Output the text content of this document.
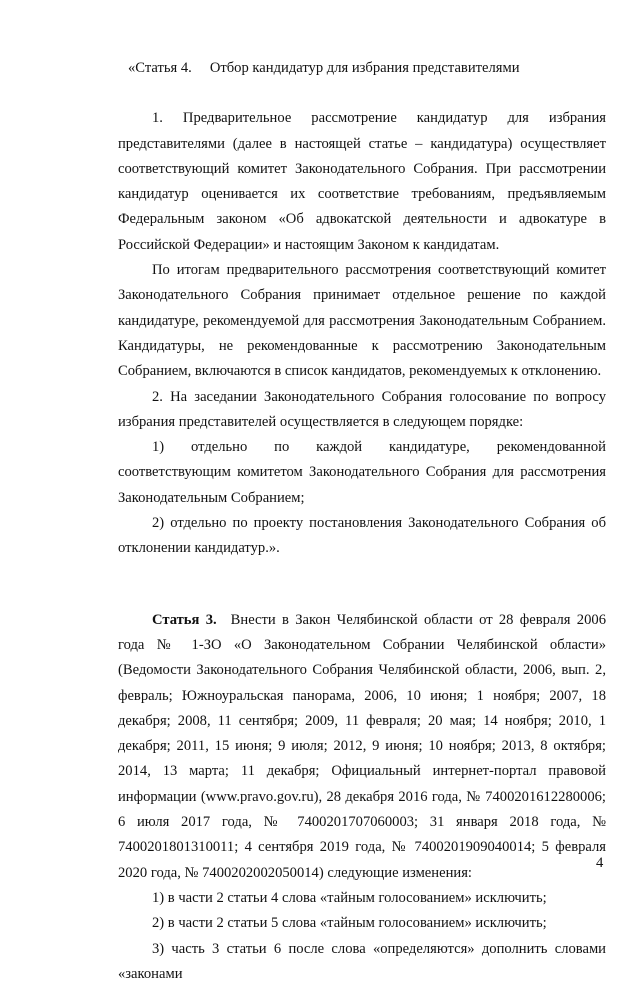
«Статья 4. Отбор кандидатур для избрания представителями

1. Предварительное рассмотрение кандидатур для избрания представителями (далее в настоящей статье – кандидатура) осуществляет соответствующий комитет Законодательного Собрания. При рассмотрении кандидатур оценивается их соответствие требованиям, предъявляемым Федеральным законом «Об адвокатской деятельности и адвокатуре в Российской Федерации» и настоящим Законом к кандидатам.

По итогам предварительного рассмотрения соответствующий комитет Законодательного Собрания принимает отдельное решение по каждой кандидатуре, рекомендуемой для рассмотрения Законодательным Собранием. Кандидатуры, не рекомендованные к рассмотрению Законодательным Собранием, включаются в список кандидатов, рекомендуемых к отклонению.

2. На заседании Законодательного Собрания голосование по вопросу избрания представителей осуществляется в следующем порядке:

1) отдельно по каждой кандидатуре, рекомендованной соответствующим комитетом Законодательного Собрания для рассмотрения Законодательным Собранием;

2) отдельно по проекту постановления Законодательного Собрания об отклонении кандидатур.».

Статья 3. Внести в Закон Челябинской области от 28 февраля 2006 года № 1-ЗО «О Законодательном Собрании Челябинской области» (Ведомости Законодательного Собрания Челябинской области, 2006, вып. 2, февраль; Южноуральская панорама, 2006, 10 июня; 1 ноября; 2007, 18 декабря; 2008, 11 сентября; 2009, 11 февраля; 20 мая; 14 ноября; 2010, 1 декабря; 2011, 15 июня; 9 июля; 2012, 9 июня; 10 ноября; 2013, 8 октября; 2014, 13 марта; 11 декабря; Официальный интернет-портал правовой информации (www.pravo.gov.ru), 28 декабря 2016 года, № 7400201612280006; 6 июля 2017 года, № 7400201707060003; 31 января 2018 года, № 7400201801310011; 4 сентября 2019 года, № 7400201909040014; 5 февраля 2020 года, № 7400202002050014) следующие изменения:

1) в части 2 статьи 4 слова «тайным голосованием» исключить;

2) в части 2 статьи 5 слова «тайным голосованием» исключить;

3) часть 3 статьи 6 после слова «определяются» дополнить словами «законами

4
